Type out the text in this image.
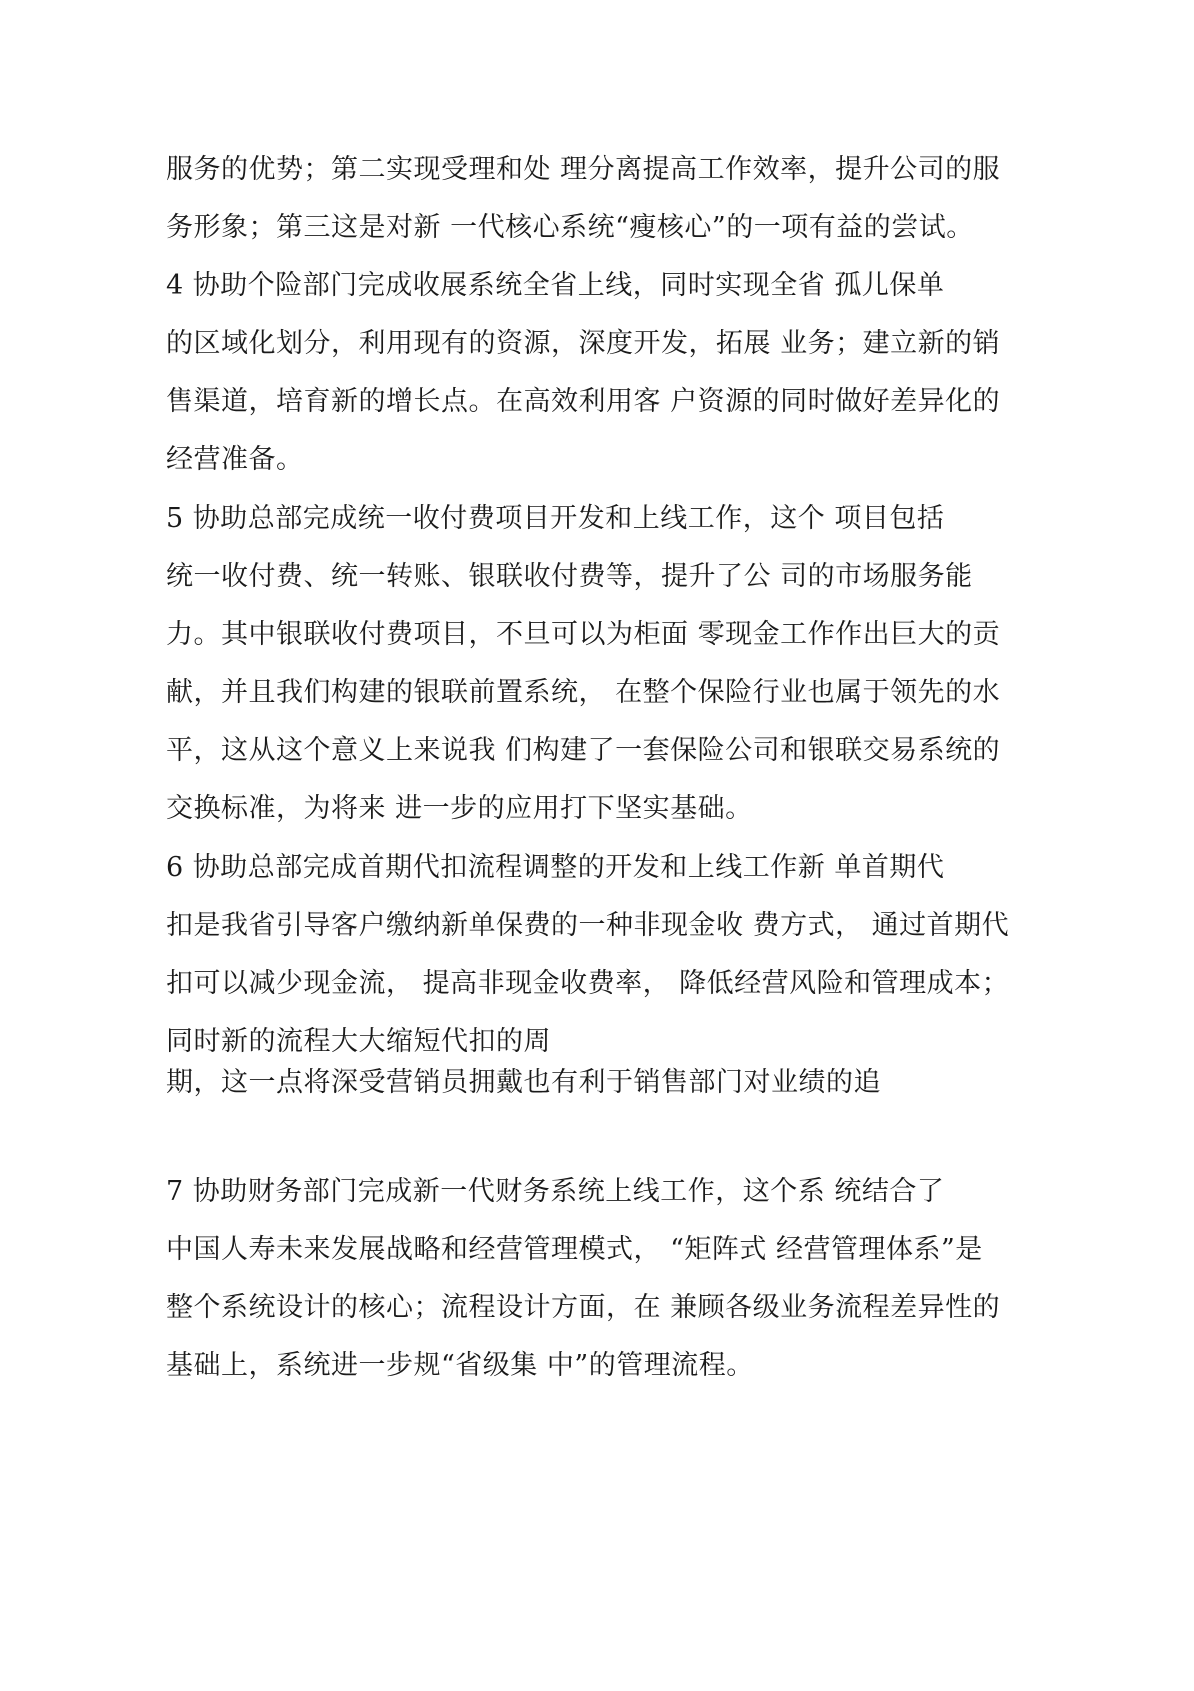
服务的优势；第二实现受理和处 理分离提高工作效率，提升公司的服
务形象；第三这是对新 一代核心系统“瘦核心”的一项有益的尝试。
4 协助个险部门完成收展系统全省上线，同时实现全省 孤儿保单
的区域化划分，利用现有的资源，深度开发，拓展 业务；建立新的销
售渠道，培育新的增长点。在高效利用客 户资源的同时做好差异化的
经营准备。
5 协助总部完成统一收付费项目开发和上线工作，这个 项目包括
统一收付费、统一转账、银联收付费等，提升了公 司的市场服务能
力。其中银联收付费项目，不旦可以为柜面 零现金工作作出巨大的贡
献，并且我们构建的银联前置系统， 在整个保险行业也属于领先的水
平，这从这个意义上来说我 们构建了一套保险公司和银联交易系统的
交换标准，为将来 进一步的应用打下坚实基础。
6 协助总部完成首期代扣流程调整的开发和上线工作新 单首期代
扣是我省引导客户缴纳新单保费的一种非现金收 费方式， 通过首期代
扣可以减少现金流， 提高非现金收费率， 降低经营风险和管理成本；
同时新的流程大大缩短代扣的周
期，这一点将深受营销员拥戴也有利于销售部门对业绩的追
7 协助财务部门完成新一代财务系统上线工作，这个系 统结合了
中国人寿未来发展战略和经营管理模式， “矩阵式 经营管理体系”是
整个系统设计的核心；流程设计方面，在 兼顾各级业务流程差异性的
基础上，系统进一步规“省级集 中”的管理流程。
